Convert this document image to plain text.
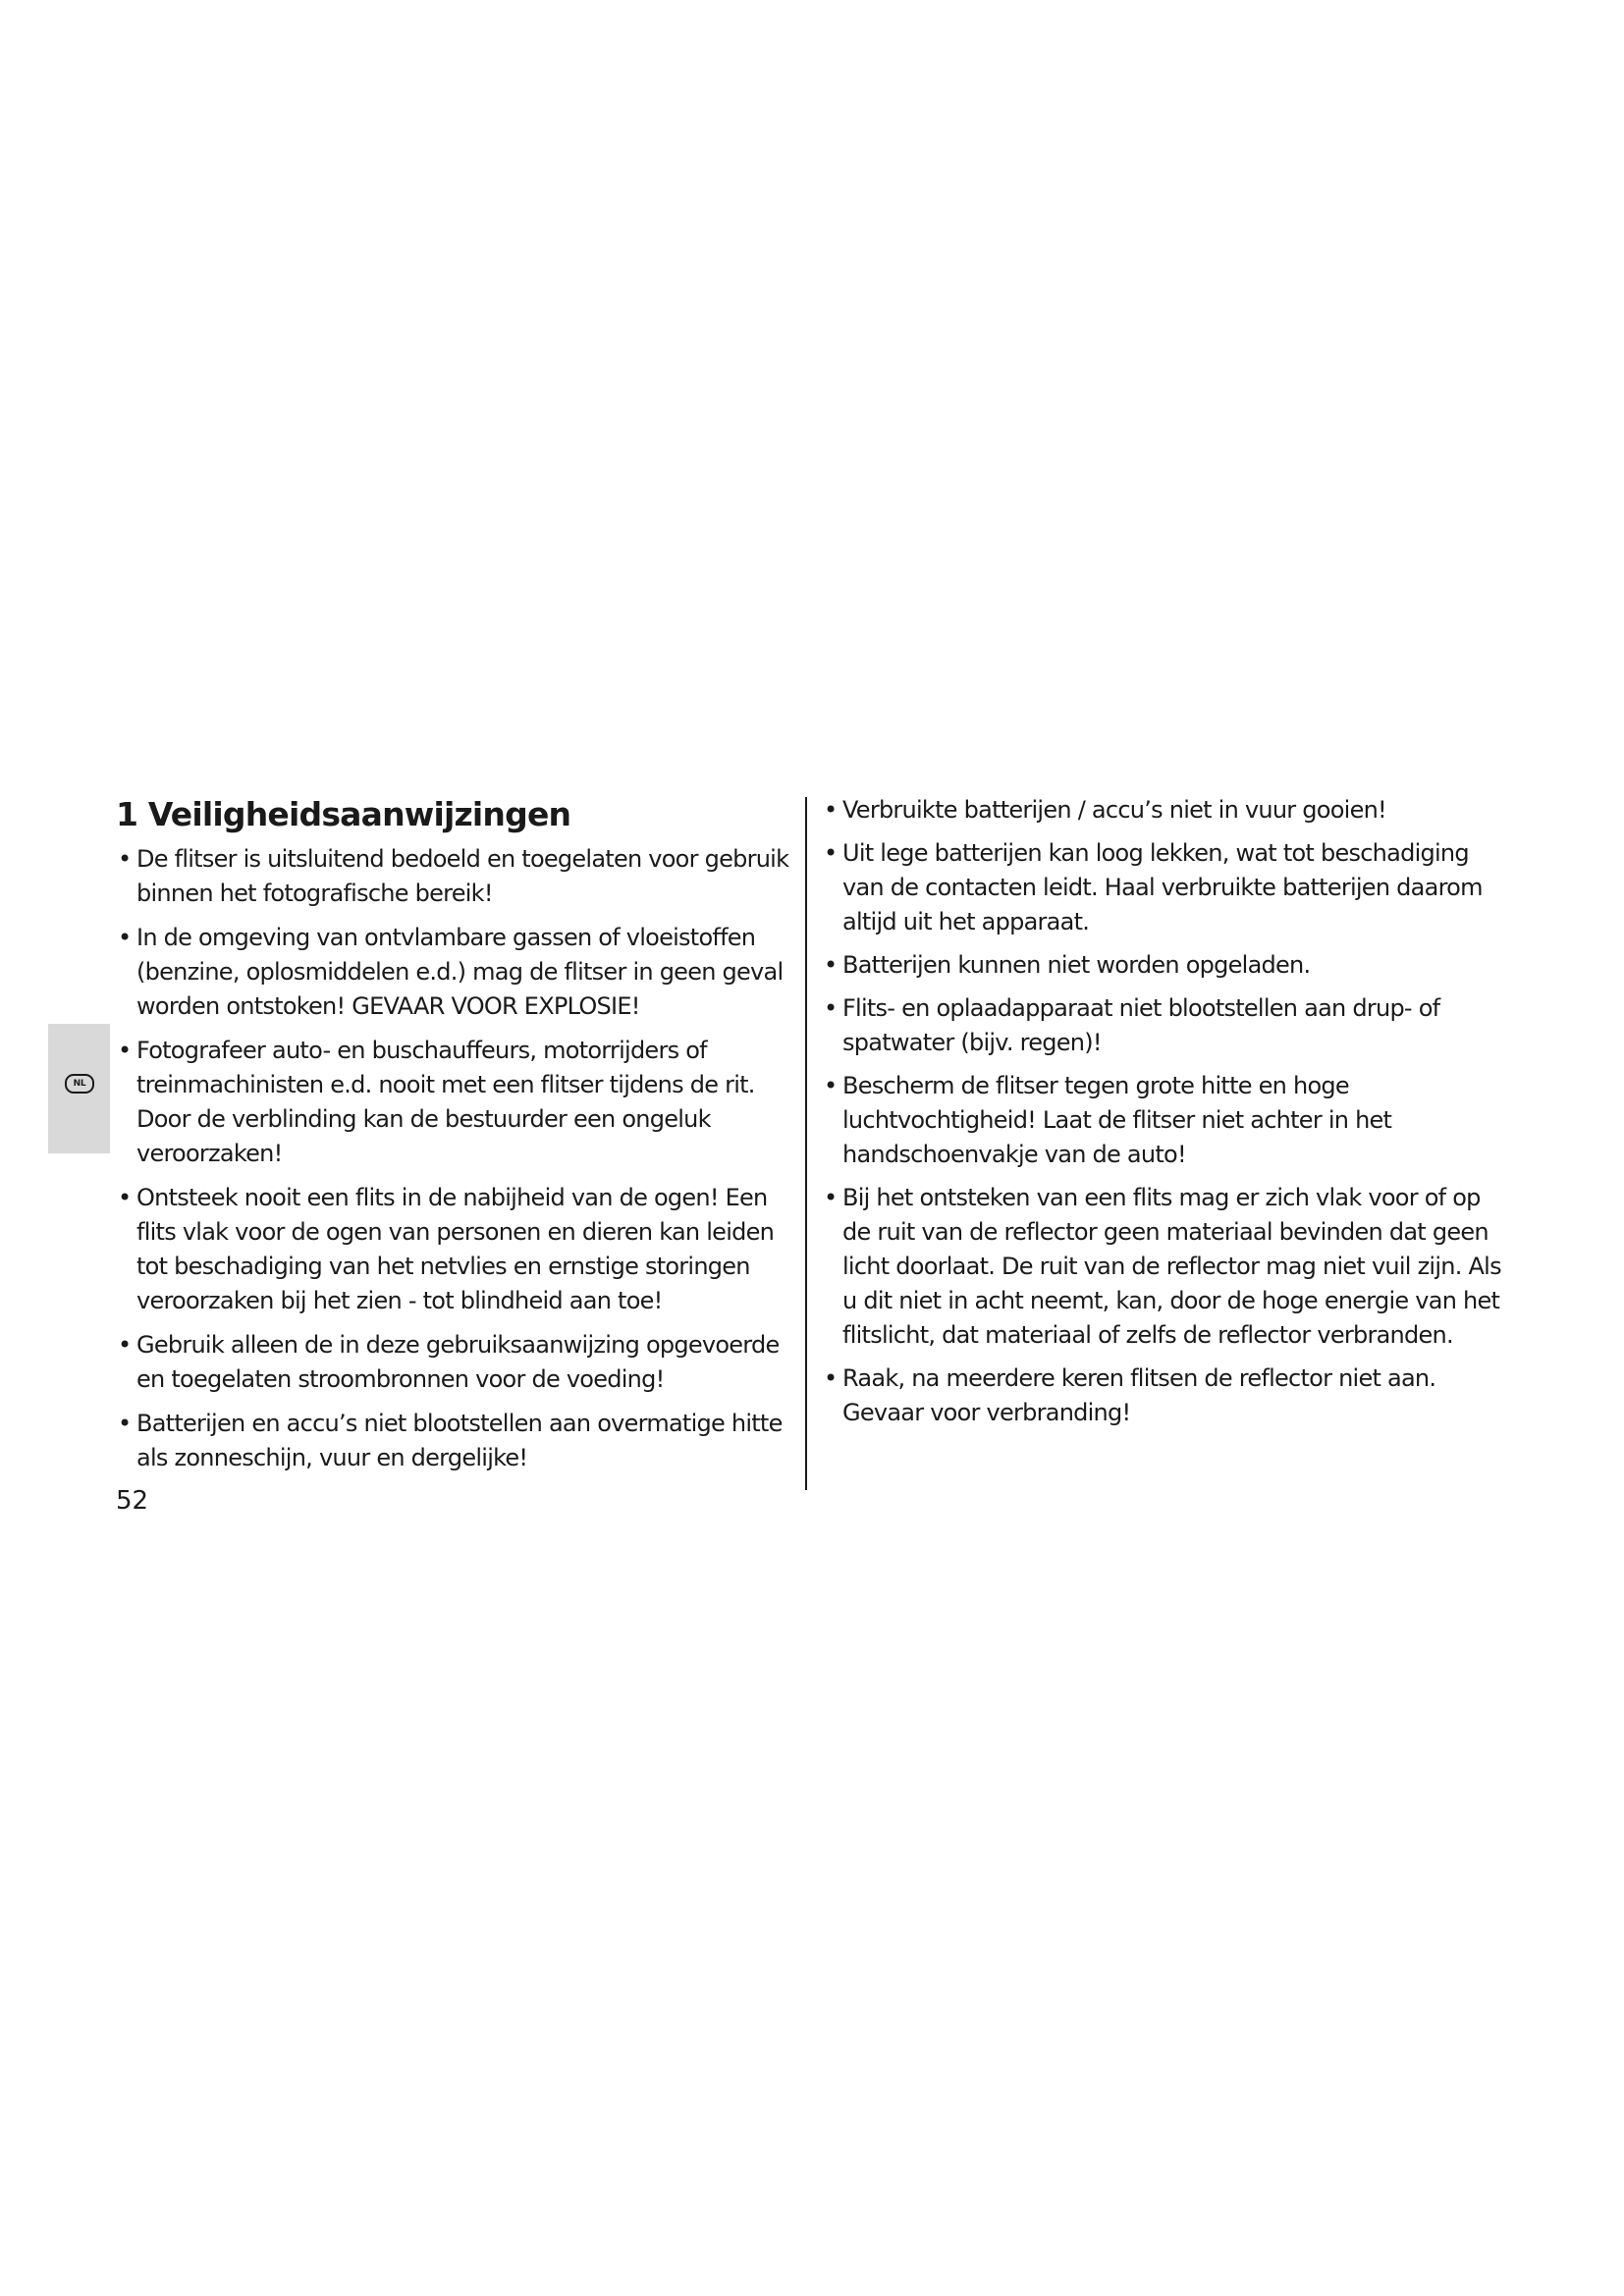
NL
1 Veiligheidsaanwijzingen
• De flitser is uitsluitend bedoeld en toegelaten voor gebruik binnen het fotografische bereik!
• In de omgeving van ontvlambare gassen of vloeistoffen (benzine, oplosmiddelen e.d.) mag de flitser in geen geval worden ontstoken! GEVAAR VOOR EXPLOSIE!
• Fotografeer auto- en buschauffeurs, motorrijders of treinmachinisten e.d. nooit met een flitser tijdens de rit. Door de verblinding kan de bestuurder een ongeluk veroorzaken!
• Ontsteek nooit een flits in de nabijheid van de ogen! Een flits vlak voor de ogen van personen en dieren kan leiden tot beschadiging van het netvlies en ernstige storingen veroorzaken bij het zien - tot blindheid aan toe!
• Gebruik alleen de in deze gebruiksaanwijzing opgevoerde en toegelaten stroombronnen voor de voeding!
• Batterijen en accu’s niet blootstellen aan overmatige hitte als zonneschijn, vuur en dergelijke!
• Verbruikte batterijen / accu’s niet in vuur gooien!
• Uit lege batterijen kan loog lekken, wat tot beschadiging van de contacten leidt. Haal verbruikte batterijen daarom altijd uit het apparaat.
• Batterijen kunnen niet worden opgeladen.
• Flits- en oplaadapparaat niet blootstellen aan drup- of spatwater (bijv. regen)!
• Bescherm de flitser tegen grote hitte en hoge luchtvochtigheid! Laat de flitser niet achter in het handschoenvakje van de auto!
• Bij het ontsteken van een flits mag er zich vlak voor of op de ruit van de reflector geen materiaal bevinden dat geen licht doorlaat. De ruit van de reflector mag niet vuil zijn. Als u dit niet in acht neemt, kan, door de hoge energie van het flitslicht, dat materiaal of zelfs de reflector verbranden.
• Raak, na meerdere keren flitsen de reflector niet aan. Gevaar voor verbranding!
52
